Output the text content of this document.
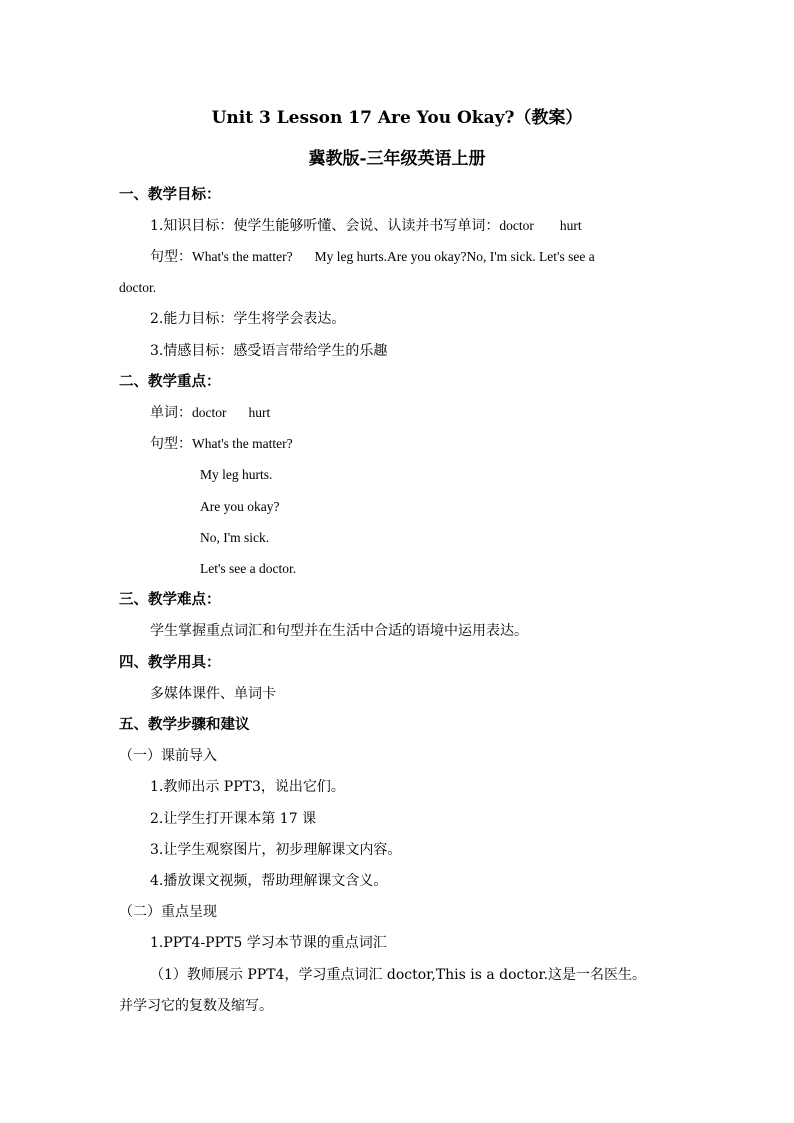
Unit 3 Lesson 17 Are You Okay?（教案）
冀教版-三年级英语上册
一、教学目标：
1.知识目标：使学生能够听懂、会说、认读并书写单词：doctor hurt
句型：What's the matter? My leg hurts.Are you okay?No, I'm sick. Let's see a
doctor.
2.能力目标：学生将学会表达。
3.情感目标：感受语言带给学生的乐趣
二、教学重点：
单词：doctor hurt
句型：What's the matter?
My leg hurts.
Are you okay?
No, I'm sick.
Let's see a doctor.
三、教学难点：
学生掌握重点词汇和句型并在生活中合适的语境中运用表达。
四、教学用具：
多媒体课件、单词卡
五、教学步骤和建议
（一）课前导入
1.教师出示 PPT3，说出它们。
2.让学生打开课本第 17 课
3.让学生观察图片，初步理解课文内容。
4.播放课文视频，帮助理解课文含义。
（二）重点呈现
1.PPT4-PPT5 学习本节课的重点词汇
（1）教师展示 PPT4，学习重点词汇 doctor,This is a doctor.这是一名医生。
并学习它的复数及缩写。
